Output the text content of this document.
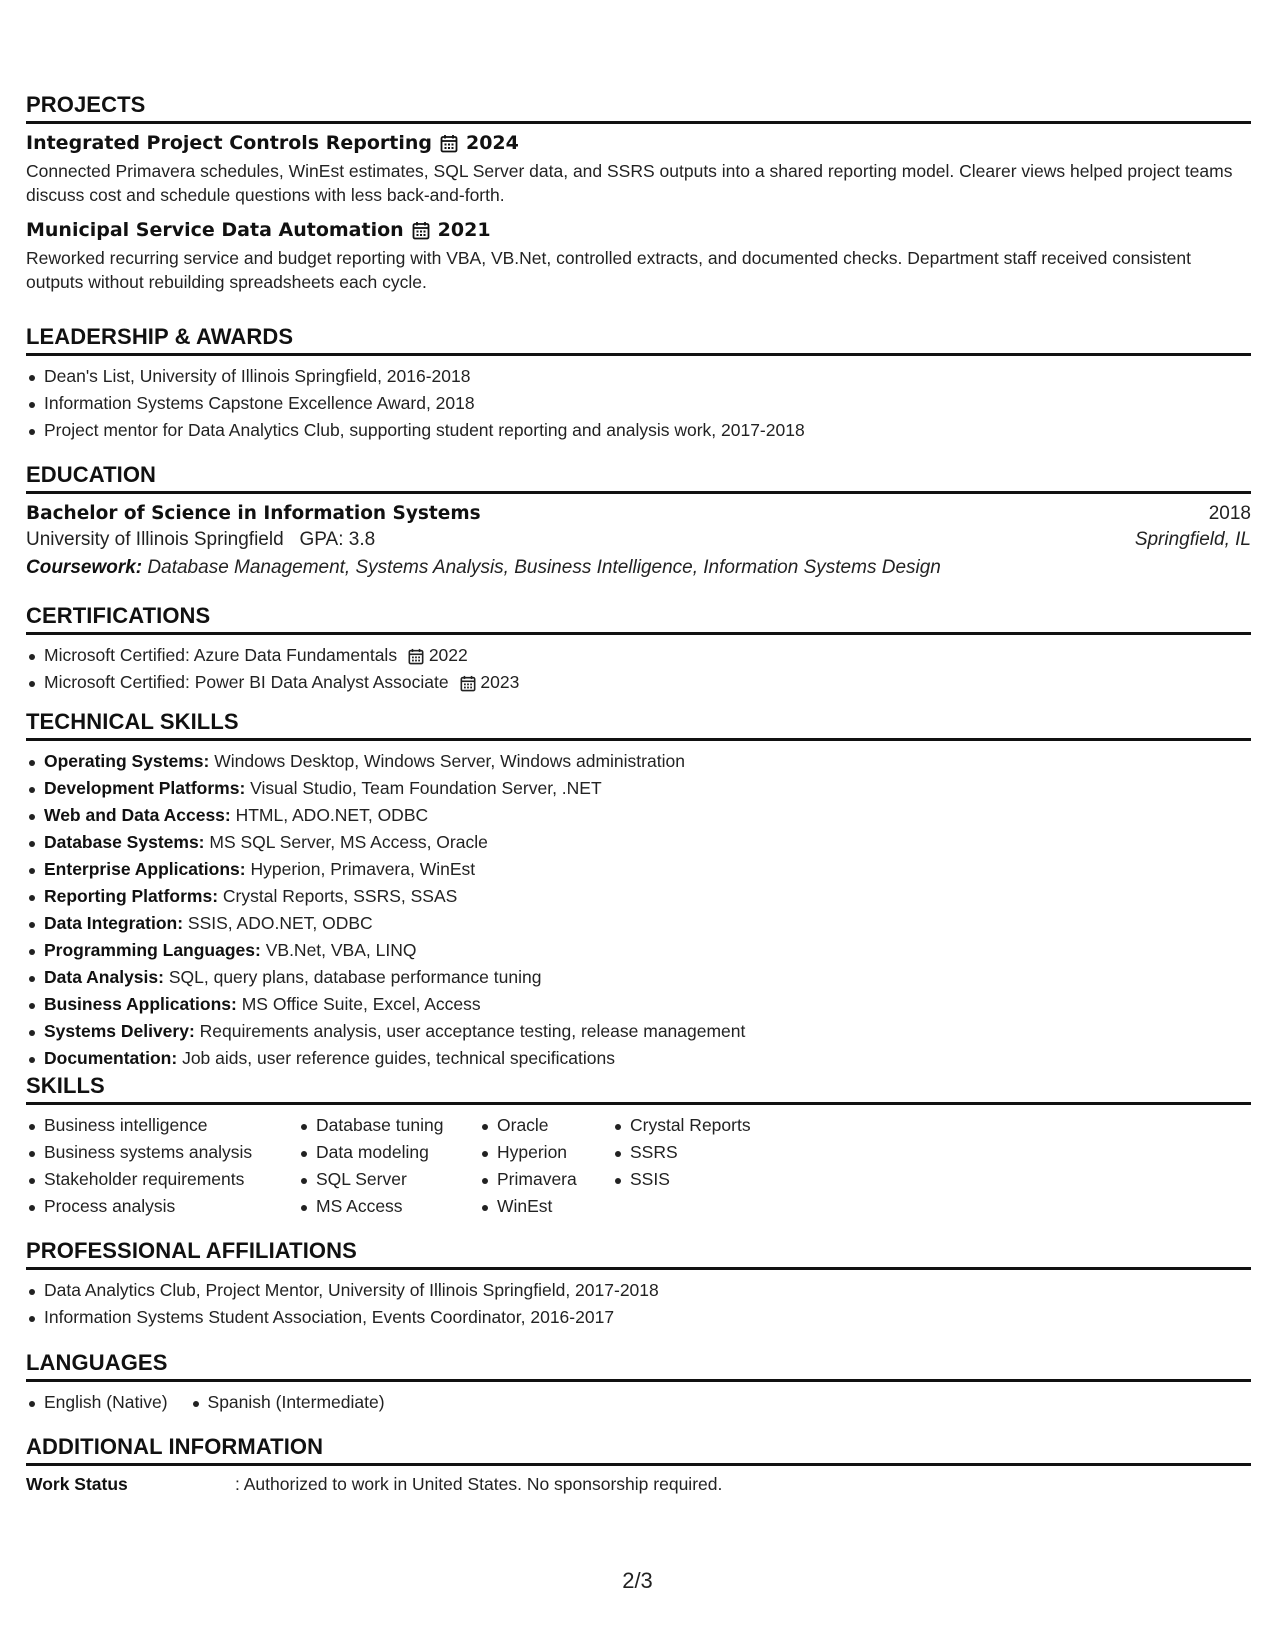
PROJECTS
Integrated Project Controls Reporting 2024
Connected Primavera schedules, WinEst estimates, SQL Server data, and SSRS outputs into a shared reporting model. Clearer views helped project teams discuss cost and schedule questions with less back-and-forth.
Municipal Service Data Automation 2021
Reworked recurring service and budget reporting with VBA, VB.Net, controlled extracts, and documented checks. Department staff received consistent outputs without rebuilding spreadsheets each cycle.
LEADERSHIP & AWARDS
Dean's List, University of Illinois Springfield, 2016-2018
Information Systems Capstone Excellence Award, 2018
Project mentor for Data Analytics Club, supporting student reporting and analysis work, 2017-2018
EDUCATION
Bachelor of Science in Information Systems	2018
University of Illinois Springfield GPA: 3.8	Springfield, IL
Coursework: Database Management, Systems Analysis, Business Intelligence, Information Systems Design
CERTIFICATIONS
Microsoft Certified: Azure Data Fundamentals 2022
Microsoft Certified: Power BI Data Analyst Associate 2023
TECHNICAL SKILLS
Operating Systems: Windows Desktop, Windows Server, Windows administration
Development Platforms: Visual Studio, Team Foundation Server, .NET
Web and Data Access: HTML, ADO.NET, ODBC
Database Systems: MS SQL Server, MS Access, Oracle
Enterprise Applications: Hyperion, Primavera, WinEst
Reporting Platforms: Crystal Reports, SSRS, SSAS
Data Integration: SSIS, ADO.NET, ODBC
Programming Languages: VB.Net, VBA, LINQ
Data Analysis: SQL, query plans, database performance tuning
Business Applications: MS Office Suite, Excel, Access
Systems Delivery: Requirements analysis, user acceptance testing, release management
Documentation: Job aids, user reference guides, technical specifications
SKILLS
Business intelligence
Business systems analysis
Stakeholder requirements
Process analysis
Database tuning
Data modeling
SQL Server
MS Access
Oracle
Hyperion
Primavera
WinEst
Crystal Reports
SSRS
SSIS
PROFESSIONAL AFFILIATIONS
Data Analytics Club, Project Mentor, University of Illinois Springfield, 2017-2018
Information Systems Student Association, Events Coordinator, 2016-2017
LANGUAGES
English (Native)	Spanish (Intermediate)
ADDITIONAL INFORMATION
Work Status	: Authorized to work in United States. No sponsorship required.
2/3
